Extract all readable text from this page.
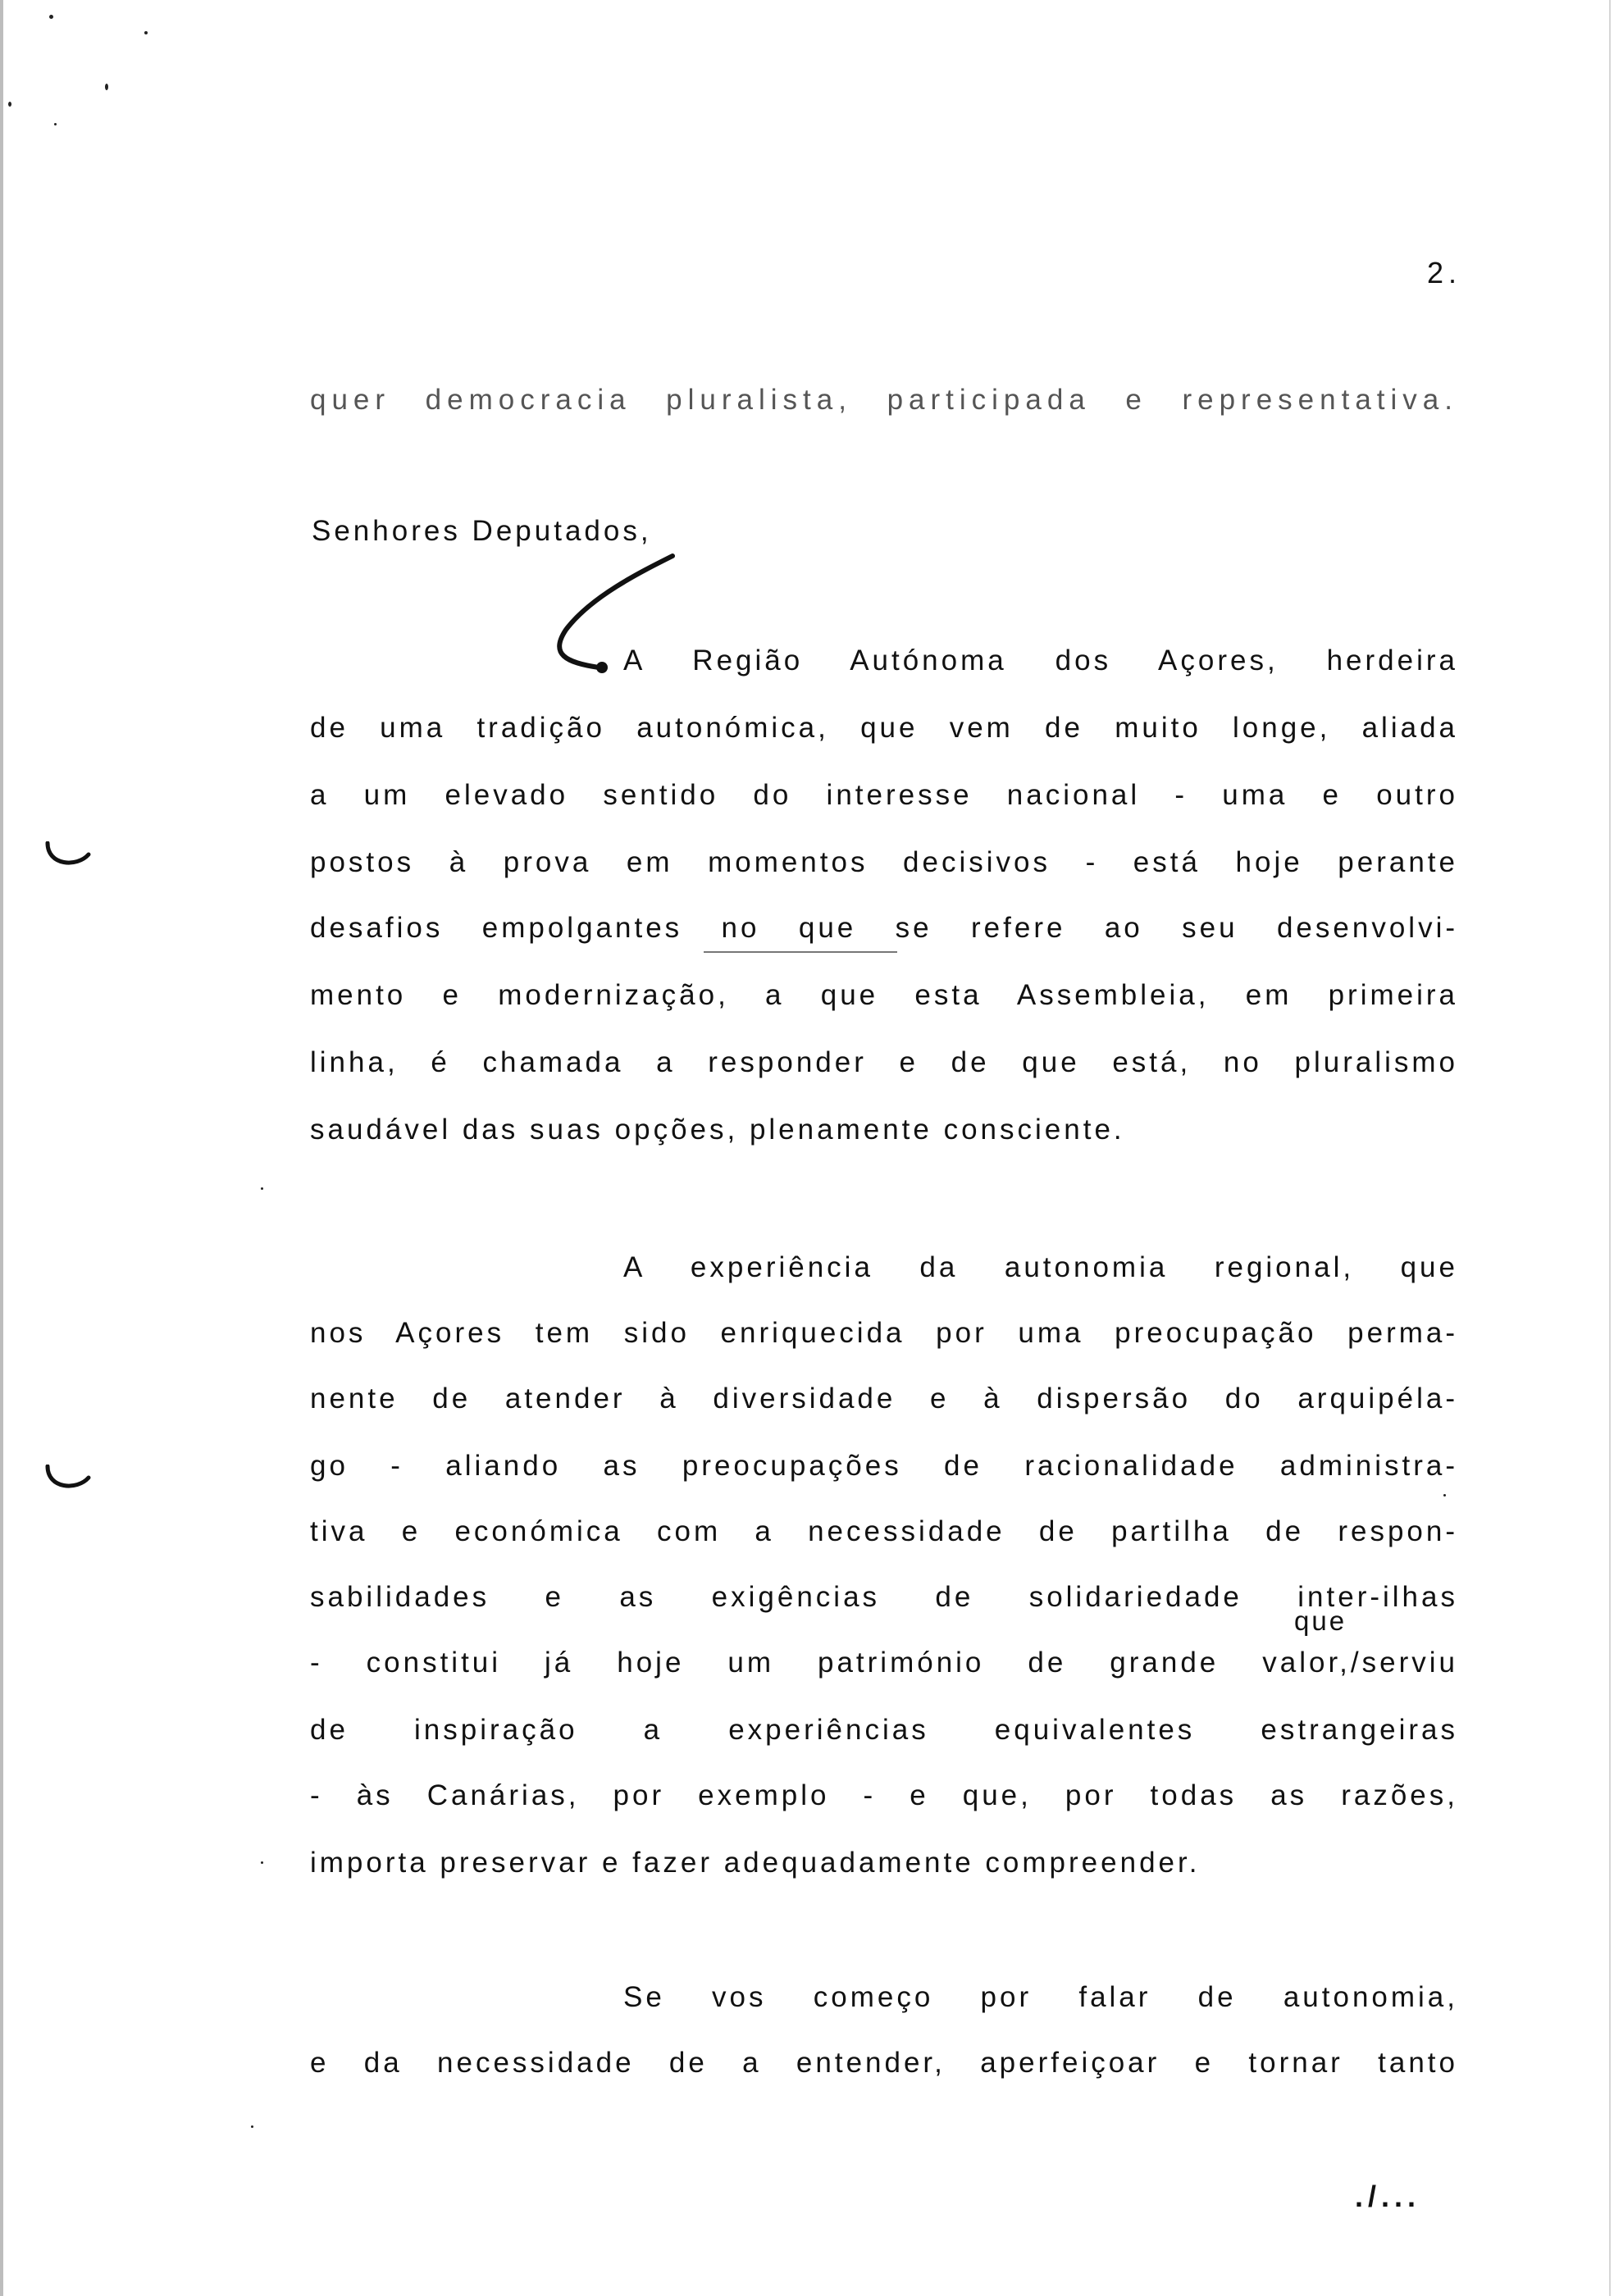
2.
quer democracia pluralista, participada e representativa.
Senhores Deputados,
A Região Autónoma dos Açores, herdeira
de uma tradição autonómica, que vem de muito longe, aliada
a um elevado sentido do interesse nacional - uma e outro
postos à prova em momentos decisivos - está hoje perante
desafios empolgantes no que se refere ao seu desenvolvi-
mento e modernização, a que esta Assembleia, em primeira
linha, é chamada a responder e de que está, no pluralismo
saudável das suas opções, plenamente consciente.
A experiência da autonomia regional, que
nos Açores tem sido enriquecida por uma preocupação perma-
nente de atender à diversidade e à dispersão do arquipéla-
go - aliando as preocupações de racionalidade administra-
tiva e económica com a necessidade de partilha de respon-
sabilidades e as exigências de solidariedade inter-ilhas
que
- constitui já hoje um património de grande valor,/serviu
de inspiração a experiências equivalentes estrangeiras
- às Canárias, por exemplo - e que, por todas as razões,
importa preservar e fazer adequadamente compreender.
Se vos começo por falar de autonomia,
e da necessidade de a entender, aperfeiçoar e tornar tanto
./...
